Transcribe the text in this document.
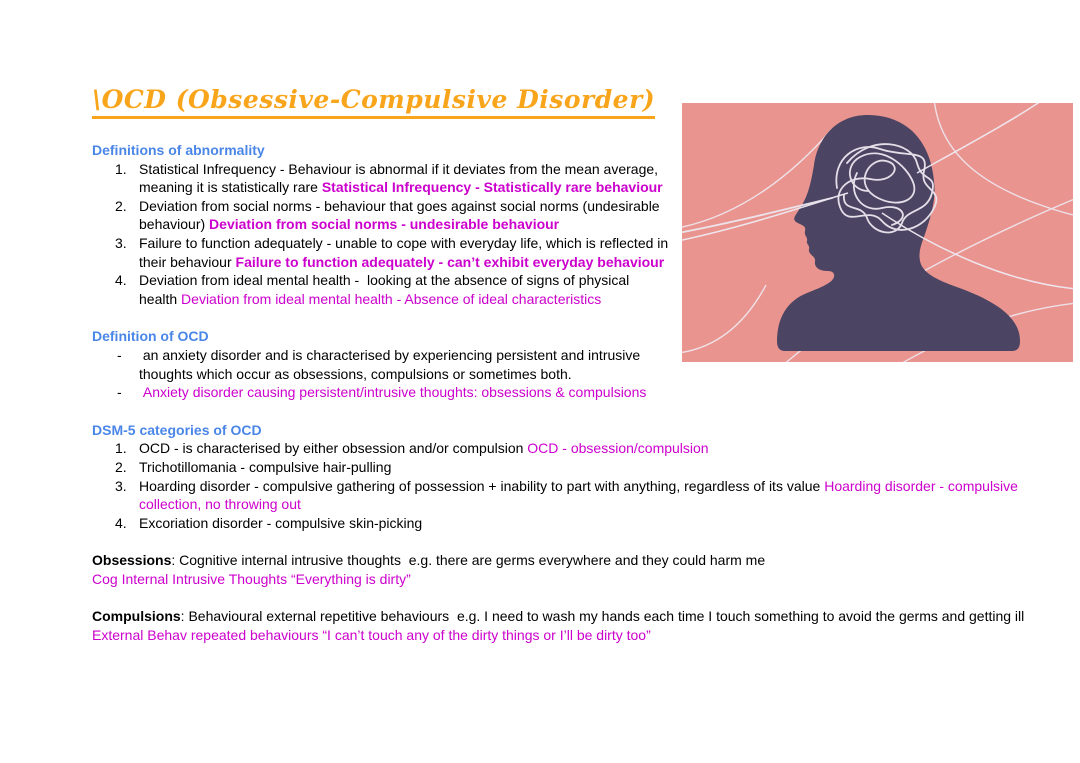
\OCD (Obsessive-Compulsive Disorder)
Definitions of abnormality
1. Statistical Infrequency - Behaviour is abnormal if it deviates from the mean average, meaning it is statistically rare Statistical Infrequency - Statistically rare behaviour
2. Deviation from social norms - behaviour that goes against social norms (undesirable behaviour) Deviation from social norms - undesirable behaviour
3. Failure to function adequately - unable to cope with everyday life, which is reflected in their behaviour Failure to function adequately - can’t exhibit everyday behaviour
4. Deviation from ideal mental health -  looking at the absence of signs of physical health Deviation from ideal mental health - Absence of ideal characteristics
Definition of OCD
-	an anxiety disorder and is characterised by experiencing persistent and intrusive thoughts which occur as obsessions, compulsions or sometimes both.
-	Anxiety disorder causing persistent/intrusive thoughts: obsessions & compulsions
DSM-5 categories of OCD
1. OCD - is characterised by either obsession and/or compulsion OCD - obsession/compulsion
2. Trichotillomania - compulsive hair-pulling
3. Hoarding disorder - compulsive gathering of possession + inability to part with anything, regardless of its value Hoarding disorder - compulsive collection, no throwing out
4. Excoriation disorder - compulsive skin-picking
Obsessions: Cognitive internal intrusive thoughts  e.g. there are germs everywhere and they could harm me
Cog Internal Intrusive Thoughts “Everything is dirty”
Compulsions: Behavioural external repetitive behaviours  e.g. I need to wash my hands each time I touch something to avoid the germs and getting ill
External Behav repeated behaviours “I can’t touch any of the dirty things or I’ll be dirty too”
